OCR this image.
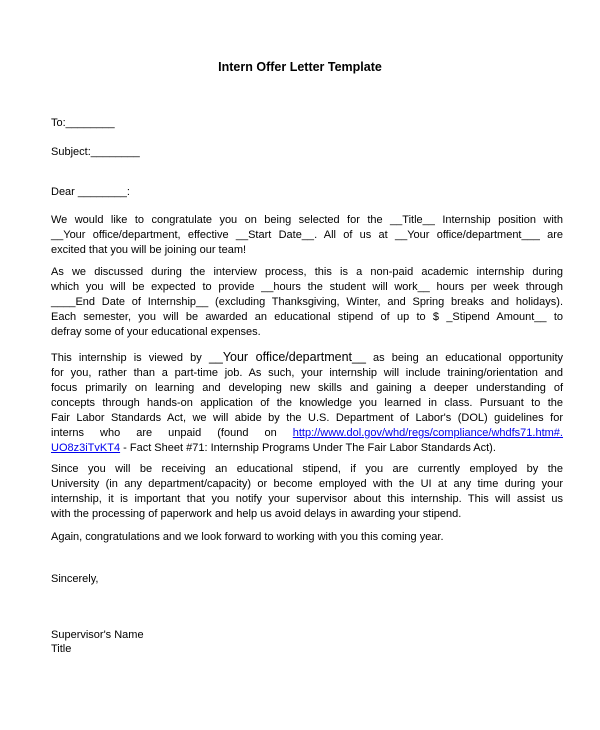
Intern Offer Letter Template
To:________
Subject:________
Dear ________:
We would like to congratulate you on being selected for the __Title__ Internship position with
__Your office/department, effective __Start Date__. All of us at __Your office/department___ are
excited that you will be joining our team!
As we discussed during the interview process, this is a non-paid academic internship during
which you will be expected to provide __hours the student will work__ hours per week through
____End Date of Internship__ (excluding Thanksgiving, Winter, and Spring breaks and holidays).
Each semester, you will be awarded an educational stipend of up to $ _Stipend Amount__ to
defray some of your educational expenses.
This internship is viewed by __Your office/department__ as being an educational opportunity
for you, rather than a part-time job. As such, your internship will include training/orientation and
focus primarily on learning and developing new skills and gaining a deeper understanding of
concepts through hands-on application of the knowledge you learned in class. Pursuant to the
Fair Labor Standards Act, we will abide by the U.S. Department of Labor's (DOL) guidelines for
interns who are unpaid (found on http://www.dol.gov/whd/regs/compliance/whdfs71.htm#.
UO8z3iTvKT4 - Fact Sheet #71: Internship Programs Under The Fair Labor Standards Act).
Since you will be receiving an educational stipend, if you are currently employed by the
University (in any department/capacity) or become employed with the UI at any time during your
internship, it is important that you notify your supervisor about this internship. This will assist us
with the processing of paperwork and help us avoid delays in awarding your stipend.
Again, congratulations and we look forward to working with you this coming year.
Sincerely,
Supervisor's Name
Title
